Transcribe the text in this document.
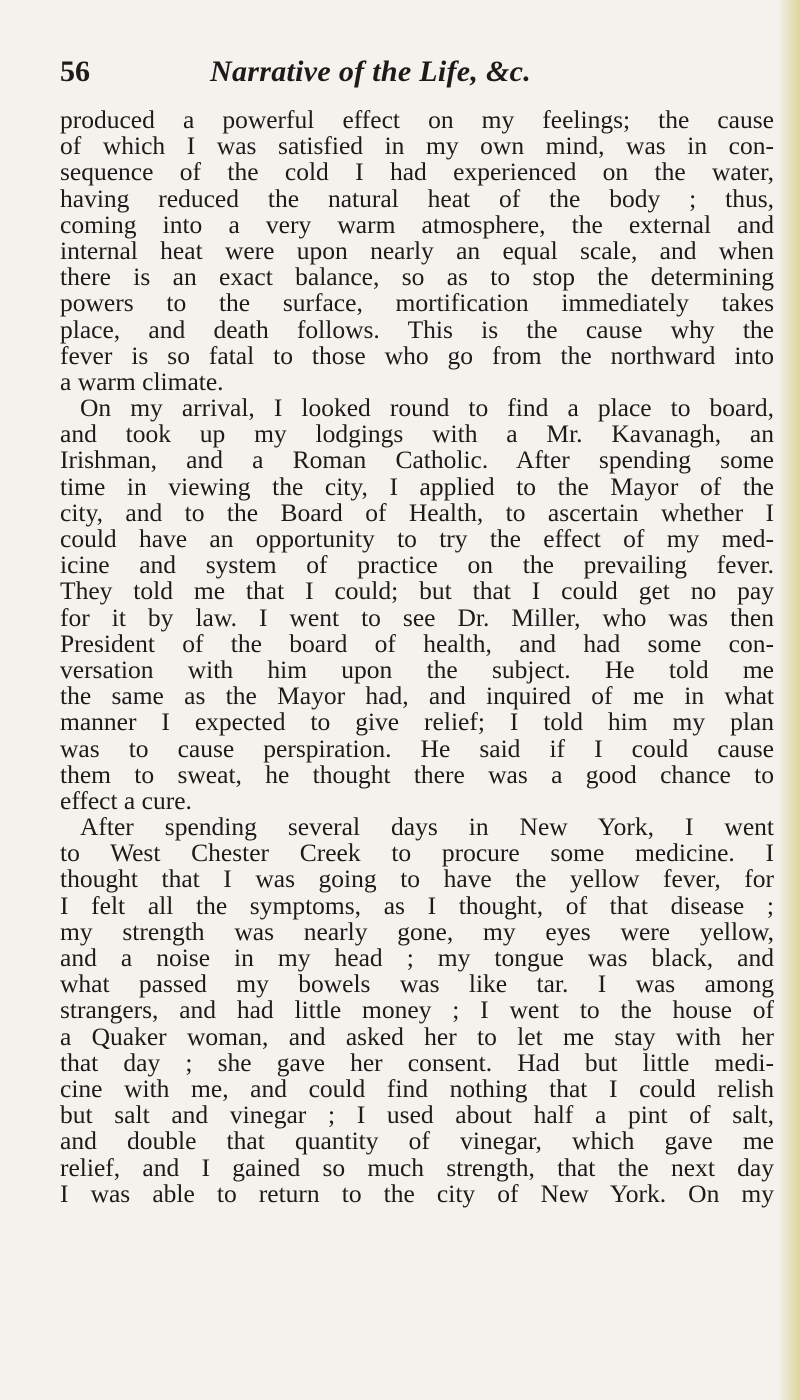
56	Narrative of the Life, &c.
produced a powerful effect on my feelings; the cause
of which I was satisfied in my own mind, was in con-
sequence of the cold I had experienced on the water,
having reduced the natural heat of the body ; thus,
coming into a very warm atmosphere, the external and
internal heat were upon nearly an equal scale, and when
there is an exact balance, so as to stop the determining
powers to the surface, mortification immediately takes
place, and death follows. This is the cause why the
fever is so fatal to those who go from the northward into
a warm climate.
On my arrival, I looked round to find a place to board,
and took up my lodgings with a Mr. Kavanagh, an
Irishman, and a Roman Catholic. After spending some
time in viewing the city, I applied to the Mayor of the
city, and to the Board of Health, to ascertain whether I
could have an opportunity to try the effect of my med-
icine and system of practice on the prevailing fever.
They told me that I could; but that I could get no pay
for it by law. I went to see Dr. Miller, who was then
President of the board of health, and had some con-
versation with him upon the subject. He told me
the same as the Mayor had, and inquired of me in what
manner I expected to give relief; I told him my plan
was to cause perspiration. He said if I could cause
them to sweat, he thought there was a good chance to
effect a cure.
After spending several days in New York, I went
to West Chester Creek to procure some medicine. I
thought that I was going to have the yellow fever, for
I felt all the symptoms, as I thought, of that disease ;
my strength was nearly gone, my eyes were yellow,
and a noise in my head ; my tongue was black, and
what passed my bowels was like tar. I was among
strangers, and had little money ; I went to the house of
a Quaker woman, and asked her to let me stay with her
that day ; she gave her consent. Had but little medi-
cine with me, and could find nothing that I could relish
but salt and vinegar ; I used about half a pint of salt,
and double that quantity of vinegar, which gave me
relief, and I gained so much strength, that the next day
I was able to return to the city of New York. On my
